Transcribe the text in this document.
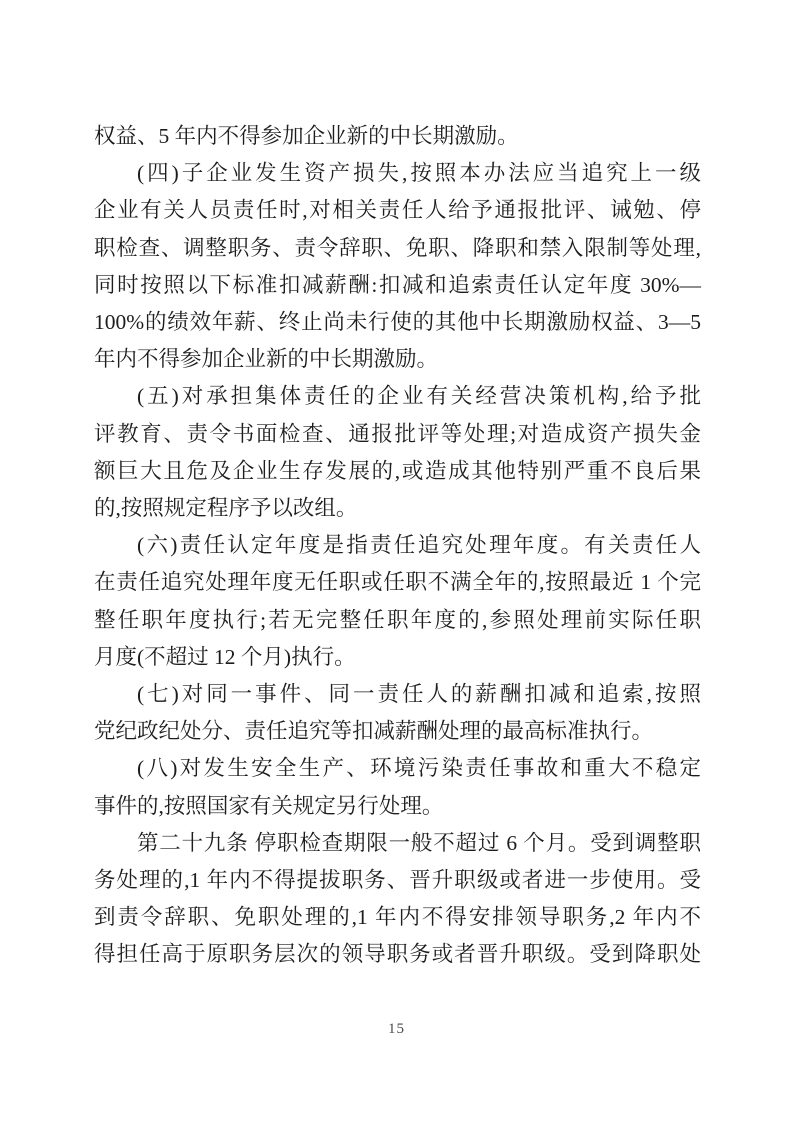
权益、5 年内不得参加企业新的中长期激励。
(四)子企业发生资产损失,按照本办法应当追究上一级
企业有关人员责任时,对相关责任人给予通报批评、诫勉、停
职检查、调整职务、责令辞职、免职、降职和禁入限制等处理,
同时按照以下标准扣减薪酬:扣减和追索责任认定年度 30%—
100%的绩效年薪、终止尚未行使的其他中长期激励权益、3—5
年内不得参加企业新的中长期激励。
(五)对承担集体责任的企业有关经营决策机构,给予批
评教育、责令书面检查、通报批评等处理;对造成资产损失金
额巨大且危及企业生存发展的,或造成其他特别严重不良后果
的,按照规定程序予以改组。
(六)责任认定年度是指责任追究处理年度。有关责任人
在责任追究处理年度无任职或任职不满全年的,按照最近 1 个完
整任职年度执行;若无完整任职年度的,参照处理前实际任职
月度(不超过 12 个月)执行。
(七)对同一事件、同一责任人的薪酬扣减和追索,按照
党纪政纪处分、责任追究等扣减薪酬处理的最高标准执行。
(八)对发生安全生产、环境污染责任事故和重大不稳定
事件的,按照国家有关规定另行处理。
第二十九条 停职检查期限一般不超过 6 个月。受到调整职
务处理的,1 年内不得提拔职务、晋升职级或者进一步使用。受
到责令辞职、免职处理的,1 年内不得安排领导职务,2 年内不
得担任高于原职务层次的领导职务或者晋升职级。受到降职处
15
